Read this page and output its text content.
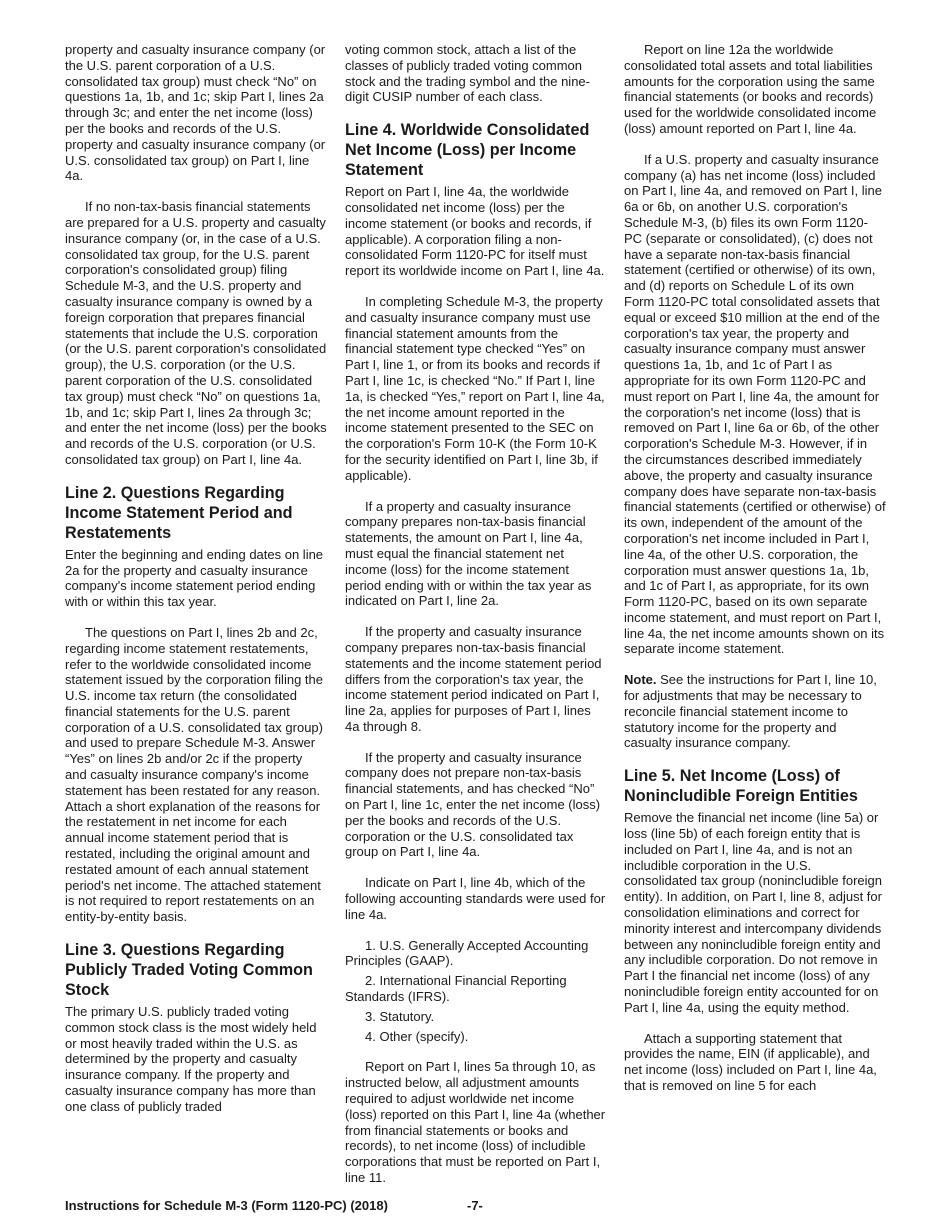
property and casualty insurance company (or the U.S. parent corporation of a U.S. consolidated tax group) must check “No” on questions 1a, 1b, and 1c; skip Part I, lines 2a through 3c; and enter the net income (loss) per the books and records of the U.S. property and casualty insurance company (or U.S. consolidated tax group) on Part I, line 4a.

If no non-tax-basis financial statements are prepared for a U.S. property and casualty insurance company (or, in the case of a U.S. consolidated tax group, for the U.S. parent corporation's consolidated group) filing Schedule M-3, and the U.S. property and casualty insurance company is owned by a foreign corporation that prepares financial statements that include the U.S. corporation (or the U.S. parent corporation's consolidated group), the U.S. corporation (or the U.S. parent corporation of the U.S. consolidated tax group) must check “No” on questions 1a, 1b, and 1c; skip Part I, lines 2a through 3c; and enter the net income (loss) per the books and records of the U.S. corporation (or U.S. consolidated tax group) on Part I, line 4a.

Line 2. Questions Regarding Income Statement Period and Restatements

Enter the beginning and ending dates on line 2a for the property and casualty insurance company's income statement period ending with or within this tax year.

The questions on Part I, lines 2b and 2c, regarding income statement restatements, refer to the worldwide consolidated income statement issued by the corporation filing the U.S. income tax return (the consolidated financial statements for the U.S. parent corporation of a U.S. consolidated tax group) and used to prepare Schedule M-3. Answer “Yes” on lines 2b and/or 2c if the property and casualty insurance company's income statement has been restated for any reason. Attach a short explanation of the reasons for the restatement in net income for each annual income statement period that is restated, including the original amount and restated amount of each annual statement period's net income. The attached statement is not required to report restatements on an entity-by-entity basis.

Line 3. Questions Regarding Publicly Traded Voting Common Stock

The primary U.S. publicly traded voting common stock class is the most widely held or most heavily traded within the U.S. as determined by the property and casualty insurance company. If the property and casualty insurance company has more than one class of publicly traded

voting common stock, attach a list of the classes of publicly traded voting common stock and the trading symbol and the nine-digit CUSIP number of each class.

Line 4. Worldwide Consolidated Net Income (Loss) per Income Statement

Report on Part I, line 4a, the worldwide consolidated net income (loss) per the income statement (or books and records, if applicable). A corporation filing a non-consolidated Form 1120-PC for itself must report its worldwide income on Part I, line 4a.

In completing Schedule M-3, the property and casualty insurance company must use financial statement amounts from the financial statement type checked “Yes” on Part I, line 1, or from its books and records if Part I, line 1c, is checked “No.” If Part I, line 1a, is checked “Yes,” report on Part I, line 4a, the net income amount reported in the income statement presented to the SEC on the corporation's Form 10-K (the Form 10-K for the security identified on Part I, line 3b, if applicable).

If a property and casualty insurance company prepares non-tax-basis financial statements, the amount on Part I, line 4a, must equal the financial statement net income (loss) for the income statement period ending with or within the tax year as indicated on Part I, line 2a.

If the property and casualty insurance company prepares non-tax-basis financial statements and the income statement period differs from the corporation's tax year, the income statement period indicated on Part I, line 2a, applies for purposes of Part I, lines 4a through 8.

If the property and casualty insurance company does not prepare non-tax-basis financial statements, and has checked “No” on Part I, line 1c, enter the net income (loss) per the books and records of the U.S. corporation or the U.S. consolidated tax group on Part I, line 4a.

Indicate on Part I, line 4b, which of the following accounting standards were used for line 4a.

1. U.S. Generally Accepted Accounting Principles (GAAP).

2. International Financial Reporting Standards (IFRS).

3. Statutory.

4. Other (specify).

Report on Part I, lines 5a through 10, as instructed below, all adjustment amounts required to adjust worldwide net income (loss) reported on this Part I, line 4a (whether from financial statements or books and records), to net income (loss) of includible corporations that must be reported on Part I, line 11.

Report on line 12a the worldwide consolidated total assets and total liabilities amounts for the corporation using the same financial statements (or books and records) used for the worldwide consolidated income (loss) amount reported on Part I, line 4a.

If a U.S. property and casualty insurance company (a) has net income (loss) included on Part I, line 4a, and removed on Part I, line 6a or 6b, on another U.S. corporation's Schedule M-3, (b) files its own Form 1120-PC (separate or consolidated), (c) does not have a separate non-tax-basis financial statement (certified or otherwise) of its own, and (d) reports on Schedule L of its own Form 1120-PC total consolidated assets that equal or exceed $10 million at the end of the corporation's tax year, the property and casualty insurance company must answer questions 1a, 1b, and 1c of Part I as appropriate for its own Form 1120-PC and must report on Part I, line 4a, the amount for the corporation's net income (loss) that is removed on Part I, line 6a or 6b, of the other corporation's Schedule M-3. However, if in the circumstances described immediately above, the property and casualty insurance company does have separate non-tax-basis financial statements (certified or otherwise) of its own, independent of the amount of the corporation's net income included in Part I, line 4a, of the other U.S. corporation, the corporation must answer questions 1a, 1b, and 1c of Part I, as appropriate, for its own Form 1120-PC, based on its own separate income statement, and must report on Part I, line 4a, the net income amounts shown on its separate income statement.

Note. See the instructions for Part I, line 10, for adjustments that may be necessary to reconcile financial statement income to statutory income for the property and casualty insurance company.

Line 5. Net Income (Loss) of Nonincludible Foreign Entities

Remove the financial net income (line 5a) or loss (line 5b) of each foreign entity that is included on Part I, line 4a, and is not an includible corporation in the U.S. consolidated tax group (nonincludible foreign entity). In addition, on Part I, line 8, adjust for consolidation eliminations and correct for minority interest and intercompany dividends between any nonincludible foreign entity and any includible corporation. Do not remove in Part I the financial net income (loss) of any nonincludible foreign entity accounted for on Part I, line 4a, using the equity method.

Attach a supporting statement that provides the name, EIN (if applicable), and net income (loss) included on Part I, line 4a, that is removed on line 5 for each

Instructions for Schedule M-3 (Form 1120-PC) (2018)	-7-
